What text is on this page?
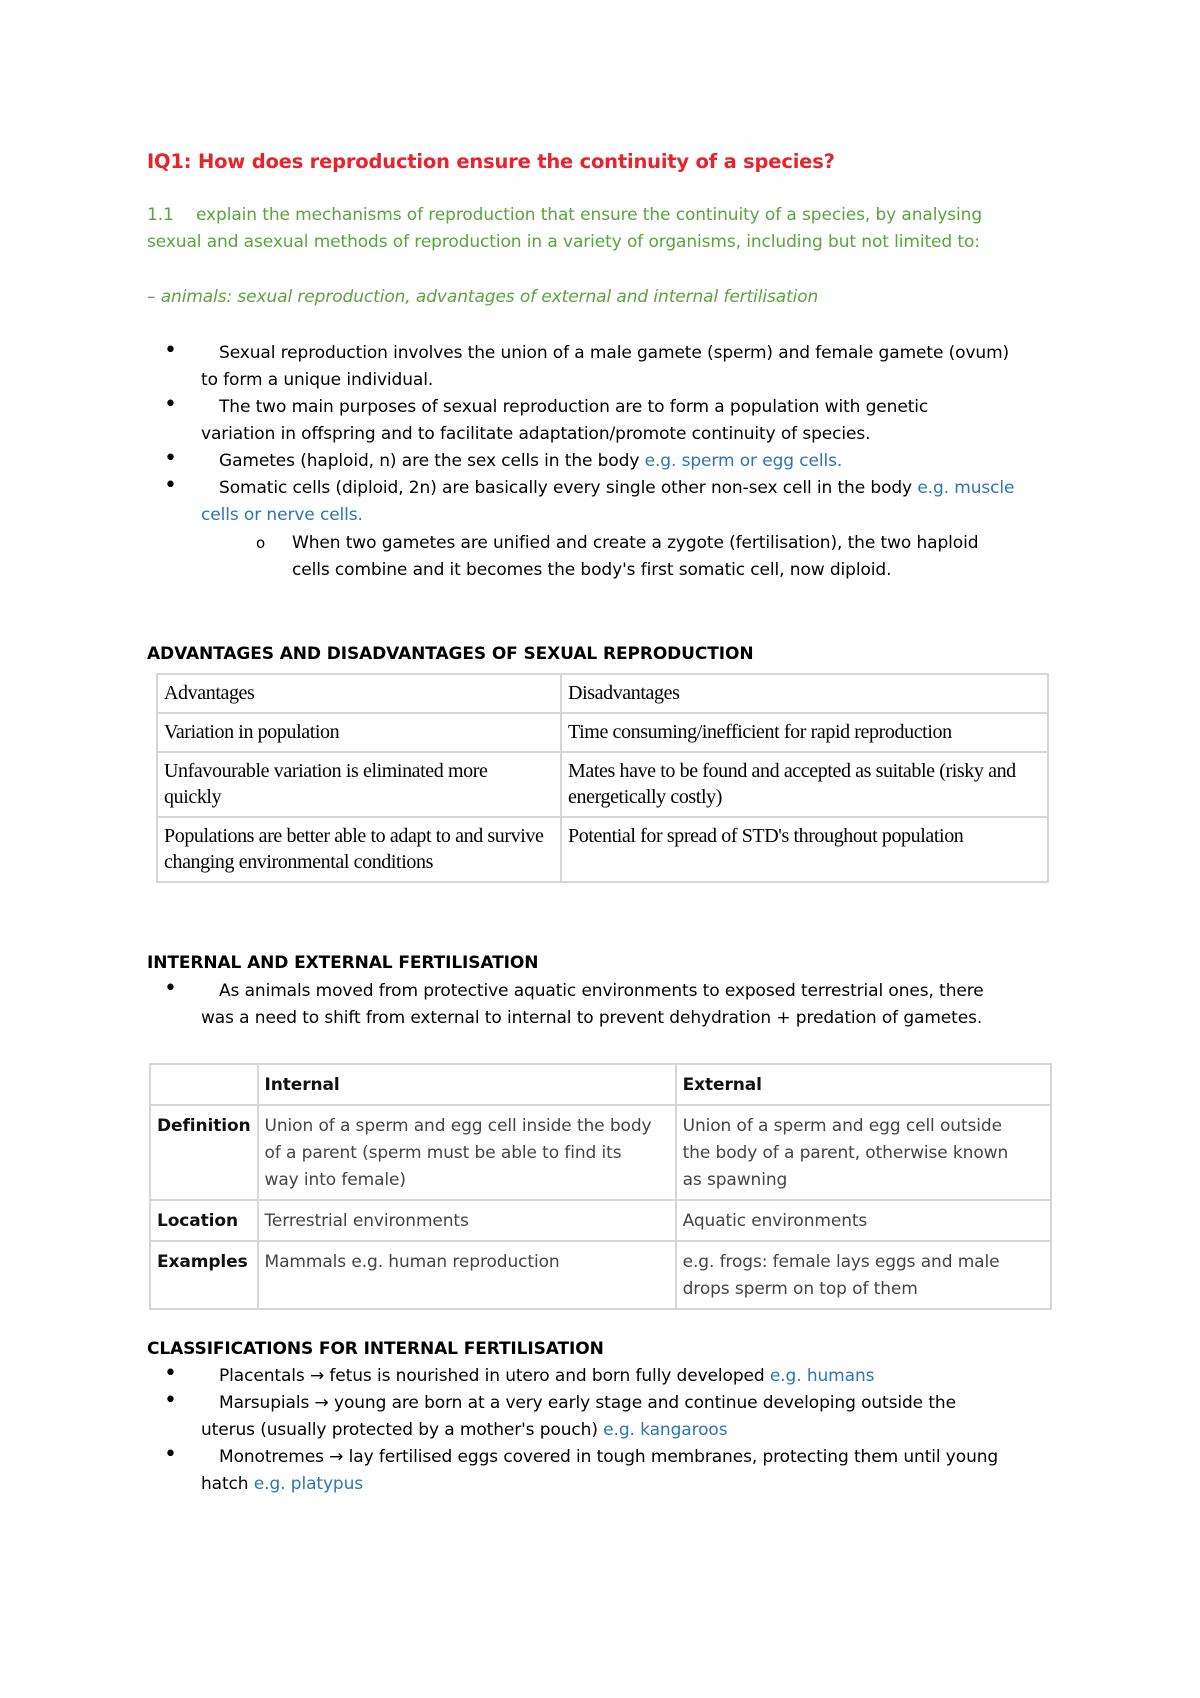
IQ1: How does reproduction ensure the continuity of a species?
1.1 explain the mechanisms of reproduction that ensure the continuity of a species, by analysing
sexual and asexual methods of reproduction in a variety of organisms, including but not limited to:
– animals: sexual reproduction, advantages of external and internal fertilisation
• Sexual reproduction involves the union of a male gamete (sperm) and female gamete (ovum)
to form a unique individual.
• The two main purposes of sexual reproduction are to form a population with genetic
variation in offspring and to facilitate adaptation/promote continuity of species.
• Gametes (haploid, n) are the sex cells in the body e.g. sperm or egg cells.
• Somatic cells (diploid, 2n) are basically every single other non-sex cell in the body e.g. muscle
cells or nerve cells.
o When two gametes are unified and create a zygote (fertilisation), the two haploid
cells combine and it becomes the body's first somatic cell, now diploid.
ADVANTAGES AND DISADVANTAGES OF SEXUAL REPRODUCTION
Advantages	Disadvantages
Variation in population	Time consuming/inefficient for rapid reproduction
Unfavourable variation is eliminated more
quickly	Mates have to be found and accepted as suitable (risky and
energetically costly)
Populations are better able to adapt to and survive
changing environmental conditions	Potential for spread of STD's throughout population
INTERNAL AND EXTERNAL FERTILISATION
• As animals moved from protective aquatic environments to exposed terrestrial ones, there
was a need to shift from external to internal to prevent dehydration + predation of gametes.
	Internal	External
Definition	Union of a sperm and egg cell inside the body
of a parent (sperm must be able to find its
way into female)	Union of a sperm and egg cell outside
the body of a parent, otherwise known
as spawning
Location	Terrestrial environments	Aquatic environments
Examples	Mammals e.g. human reproduction	e.g. frogs: female lays eggs and male
drops sperm on top of them
CLASSIFICATIONS FOR INTERNAL FERTILISATION
• Placentals → fetus is nourished in utero and born fully developed e.g. humans
• Marsupials → young are born at a very early stage and continue developing outside the
uterus (usually protected by a mother's pouch) e.g. kangaroos
• Monotremes → lay fertilised eggs covered in tough membranes, protecting them until young
hatch e.g. platypus
